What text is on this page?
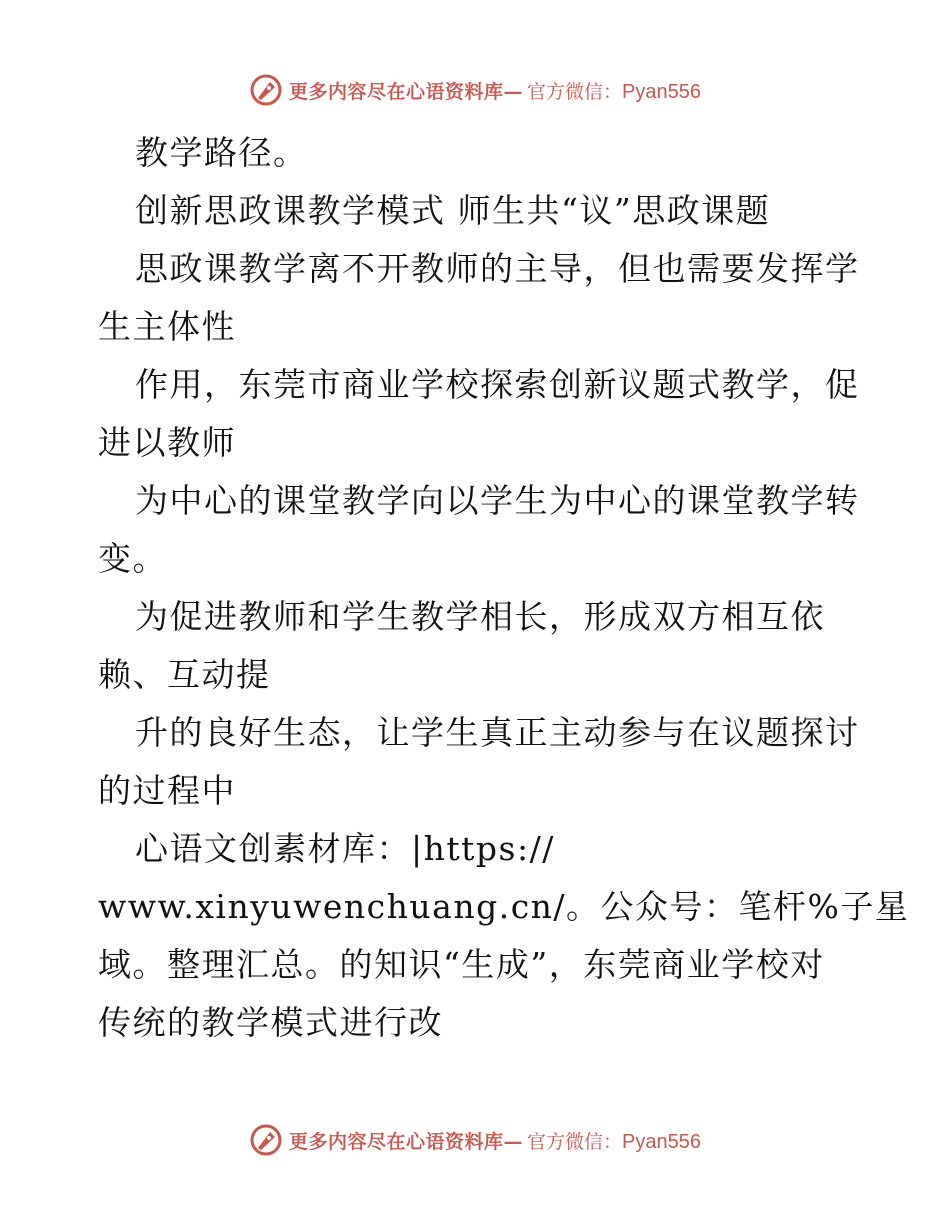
更多内容尽在心语资料库— 官方微信：Pyan556
教学路径。
创新思政课教学模式 师生共“议”思政课题
思政课教学离不开教师的主导，但也需要发挥学
生主体性
作用，东莞市商业学校探索创新议题式教学，促
进以教师
为中心的课堂教学向以学生为中心的课堂教学转
变。
为促进教师和学生教学相长，形成双方相互依
赖、互动提
升的良好生态，让学生真正主动参与在议题探讨
的过程中
心语文创素材库：|https://
www.xinyuwenchuang.cn/。公众号：笔杆%子星
域。整理汇总。的知识“生成”，东莞商业学校对
传统的教学模式进行改
更多内容尽在心语资料库— 官方微信：Pyan556
